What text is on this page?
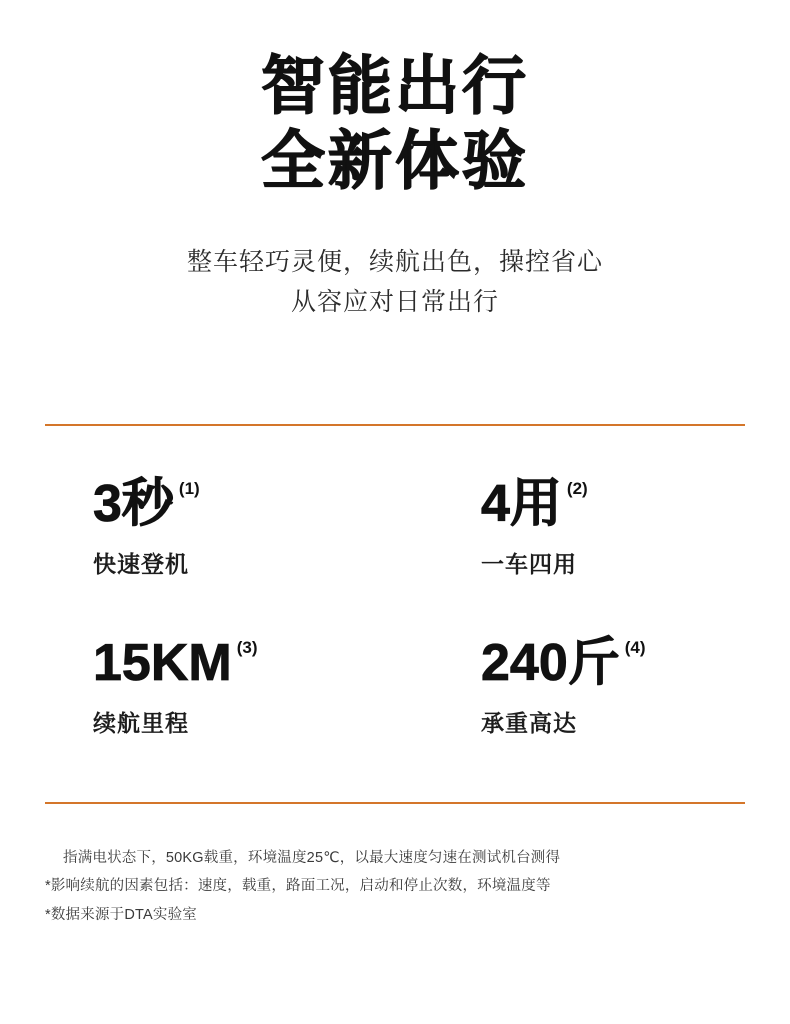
智能出行
全新体验

整车轻巧灵便，续航出色，操控省心
从容应对日常出行

3秒 (1)
快速登机
4用 (2)
一车四用
15KM (3)
续航里程
240斤 (4)
承重高达
指满电状态下，50KG载重，环境温度25℃，以最大速度匀速在测试机台测得
*影响续航的因素包括：速度，载重，路面工况，启动和停止次数，环境温度等
*数据来源于DTA实验室
